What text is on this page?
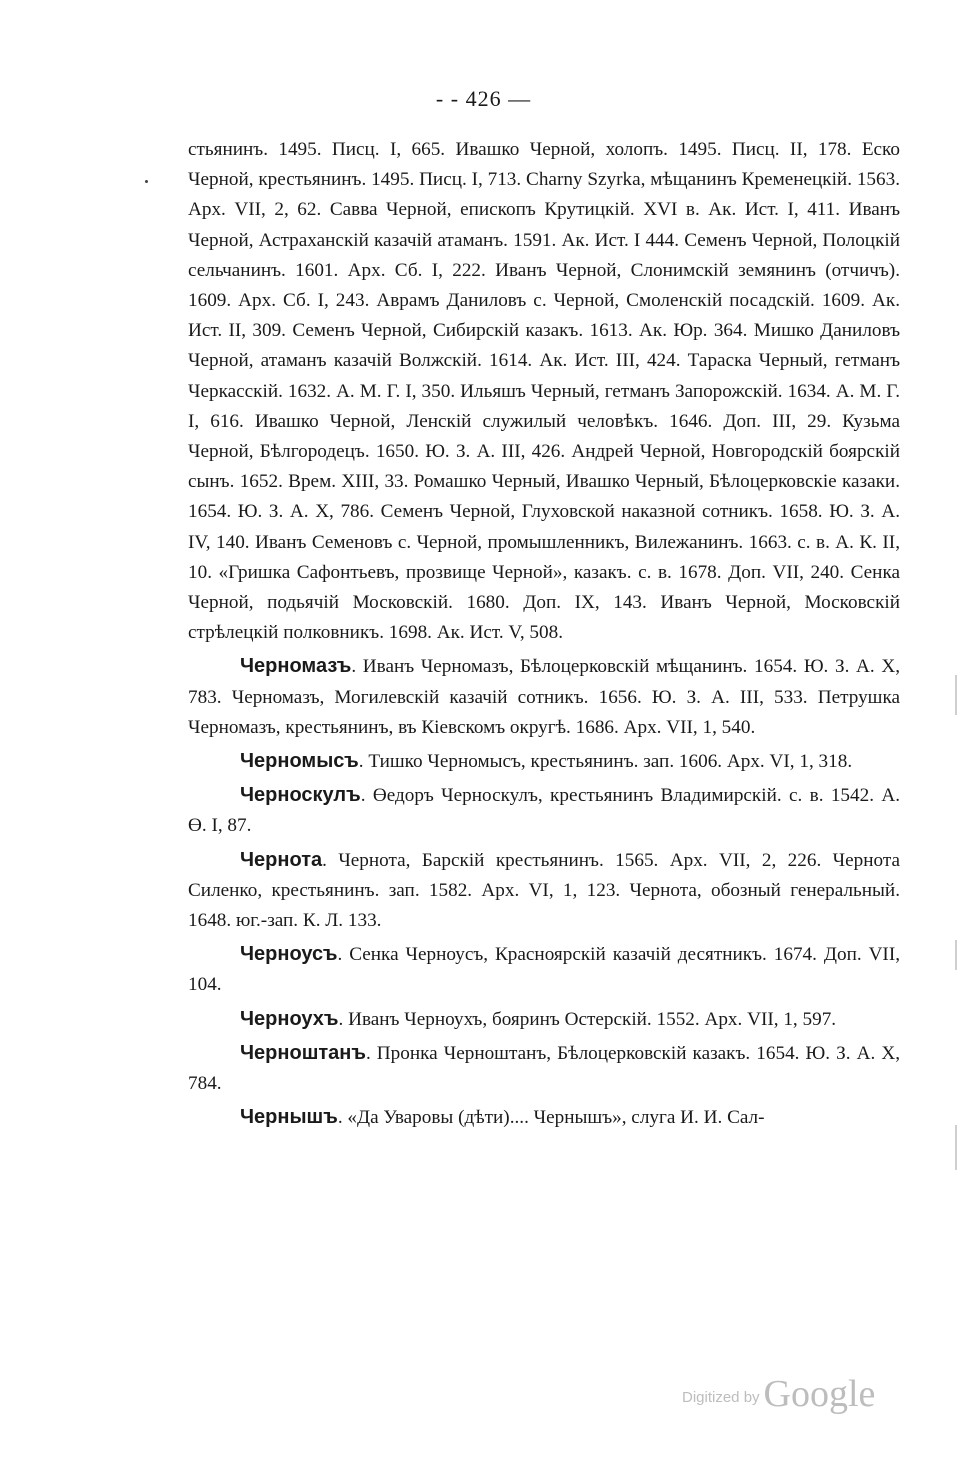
- - 426 —

стьянинъ. 1495. Писц. I, 665. Ивашко Черной, холопъ. 1495. Писц. II, 178. Еско Черной, крестьянинъ. 1495. Писц. I, 713. Charny Szyrka, мѣщанинъ Кременецкій. 1563. Арх. VII, 2, 62. Савва Черной, епископъ Крутицкій. XVI в. Ак. Ист. I, 411. Иванъ Черной, Астраханскій казачій атаманъ. 1591. Ак. Ист. I 444. Семенъ Черной, Полоцкій сельчанинъ. 1601. Арх. Сб. I, 222. Иванъ Черной, Слонимскій земянинъ (отчичъ). 1609. Арх. Сб. I, 243. Аврамъ Даниловъ с. Черной, Смоленскій посадскій. 1609. Ак. Ист. II, 309. Семенъ Черной, Сибирскій казакъ. 1613. Ак. Юр. 364. Мишко Даниловъ Черной, атаманъ казачій Волжскій. 1614. Ак. Ист. III, 424. Тараска Черный, гетманъ Черкасскій. 1632. А. М. Г. I, 350. Ильяшъ Черный, гетманъ Запорожскій. 1634. А. М. Г. I, 616. Ивашко Черной, Ленскій служилый человѣкъ. 1646. Доп. III, 29. Кузьма Черной, Бѣлгородецъ. 1650. Ю. З. А. III, 426. Андрей Черной, Новгородскій боярскій сынъ. 1652. Врем. XIII, 33. Ромашко Черный, Ивашко Черный, Бѣлоцерковскіе казаки. 1654. Ю. З. А. X, 786. Семенъ Черной, Глуховской наказной сотникъ. 1658. Ю. З. А. IV, 140. Иванъ Семеновъ с. Черной, промышленникъ, Вилежанинъ. 1663. с. в. А. К. II, 10. «Гришка Сафонтьевъ, прозвище Черной», казакъ. с. в. 1678. Доп. VII, 240. Сенка Черной, подьячій Московскій. 1680. Доп. IX, 143. Иванъ Черной, Московскій стрѣлецкій полковникъ. 1698. Ак. Ист. V, 508.

Черномазъ. Иванъ Черномазъ, Бѣлоцерковскій мѣщанинъ. 1654. Ю. З. А. X, 783. Черномазъ, Могилевскій казачій сотникъ. 1656. Ю. З. А. III, 533. Петрушка Черномазъ, крестьянинъ, въ Кіевскомъ округѣ. 1686. Арх. VII, 1, 540.

Черномысъ. Тишко Черномысъ, крестьянинъ. зап. 1606. Арх. VI, 1, 318.

Черноскулъ. Өедоръ Черноскулъ, крестьянинъ Владимирскій. с. в. 1542. А. Ө. I, 87.

Чернота. Чернота, Барскій крестьянинъ. 1565. Арх. VII, 2, 226. Чернота Силенко, крестьянинъ. зап. 1582. Арх. VI, 1, 123. Чернота, обозный генеральный. 1648. юг.-зап. К. Л. 133.

Черноусъ. Сенка Черноусъ, Красноярскій казачій десятникъ. 1674. Доп. VII, 104.

Черноухъ. Иванъ Черноухъ, бояринъ Остерскій. 1552. Арх. VII, 1, 597.

Черноштанъ. Пронка Черноштанъ, Бѣлоцерковскій казакъ. 1654. Ю. З. А. X, 784.

Чернышъ. «Да Уваровы (дѣти).... Чернышъ», слуга И. И. Сал-

Digitized by Google
